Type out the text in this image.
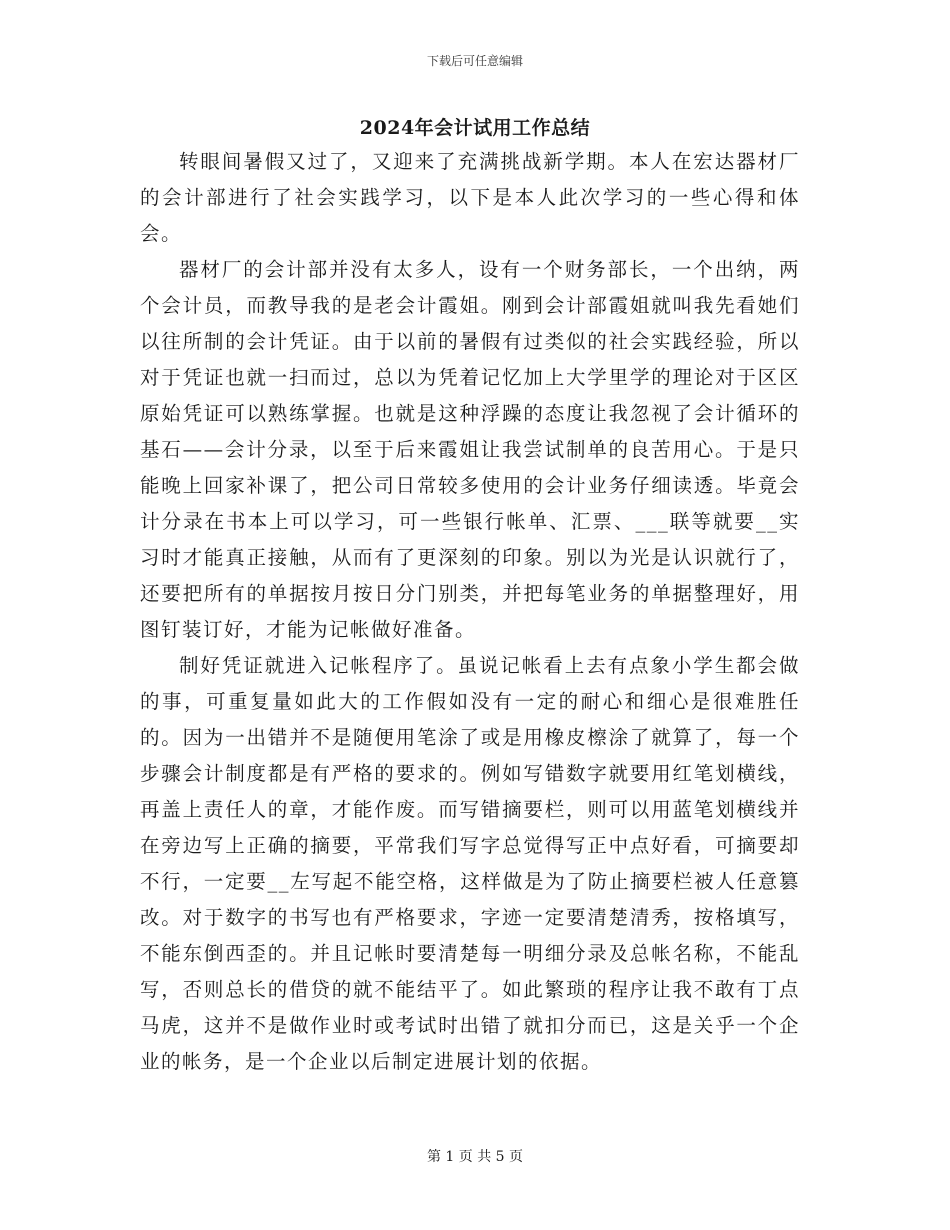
下载后可任意编辑
2024年会计试用工作总结

转眼间暑假又过了，又迎来了充满挑战新学期。本人在宏达器材厂的会计部进行了社会实践学习，以下是本人此次学习的一些心得和体会。

器材厂的会计部并没有太多人，设有一个财务部长，一个出纳，两个会计员，而教导我的是老会计霞姐。刚到会计部霞姐就叫我先看她们以往所制的会计凭证。由于以前的暑假有过类似的社会实践经验，所以对于凭证也就一扫而过，总以为凭着记忆加上大学里学的理论对于区区原始凭证可以熟练掌握。也就是这种浮躁的态度让我忽视了会计循环的基石——会计分录，以至于后来霞姐让我尝试制单的良苦用心。于是只能晚上回家补课了，把公司日常较多使用的会计业务仔细读透。毕竟会计分录在书本上可以学习，可一些银行帐单、汇票、___联等就要__实习时才能真正接触，从而有了更深刻的印象。别以为光是认识就行了，还要把所有的单据按月按日分门别类，并把每笔业务的单据整理好，用图钉装订好，才能为记帐做好准备。

制好凭证就进入记帐程序了。虽说记帐看上去有点象小学生都会做的事，可重复量如此大的工作假如没有一定的耐心和细心是很难胜任的。因为一出错并不是随便用笔涂了或是用橡皮檫涂了就算了，每一个步骤会计制度都是有严格的要求的。例如写错数字就要用红笔划横线，再盖上责任人的章，才能作废。而写错摘要栏，则可以用蓝笔划横线并在旁边写上正确的摘要，平常我们写字总觉得写正中点好看，可摘要却不行，一定要__左写起不能空格，这样做是为了防止摘要栏被人任意篡改。对于数字的书写也有严格要求，字迹一定要清楚清秀，按格填写，不能东倒西歪的。并且记帐时要清楚每一明细分录及总帐名称，不能乱写，否则总长的借贷的就不能结平了。如此繁琐的程序让我不敢有丁点马虎，这并不是做作业时或考试时出错了就扣分而已，这是关乎一个企业的帐务，是一个企业以后制定进展计划的依据。

第 1 页 共 5 页
